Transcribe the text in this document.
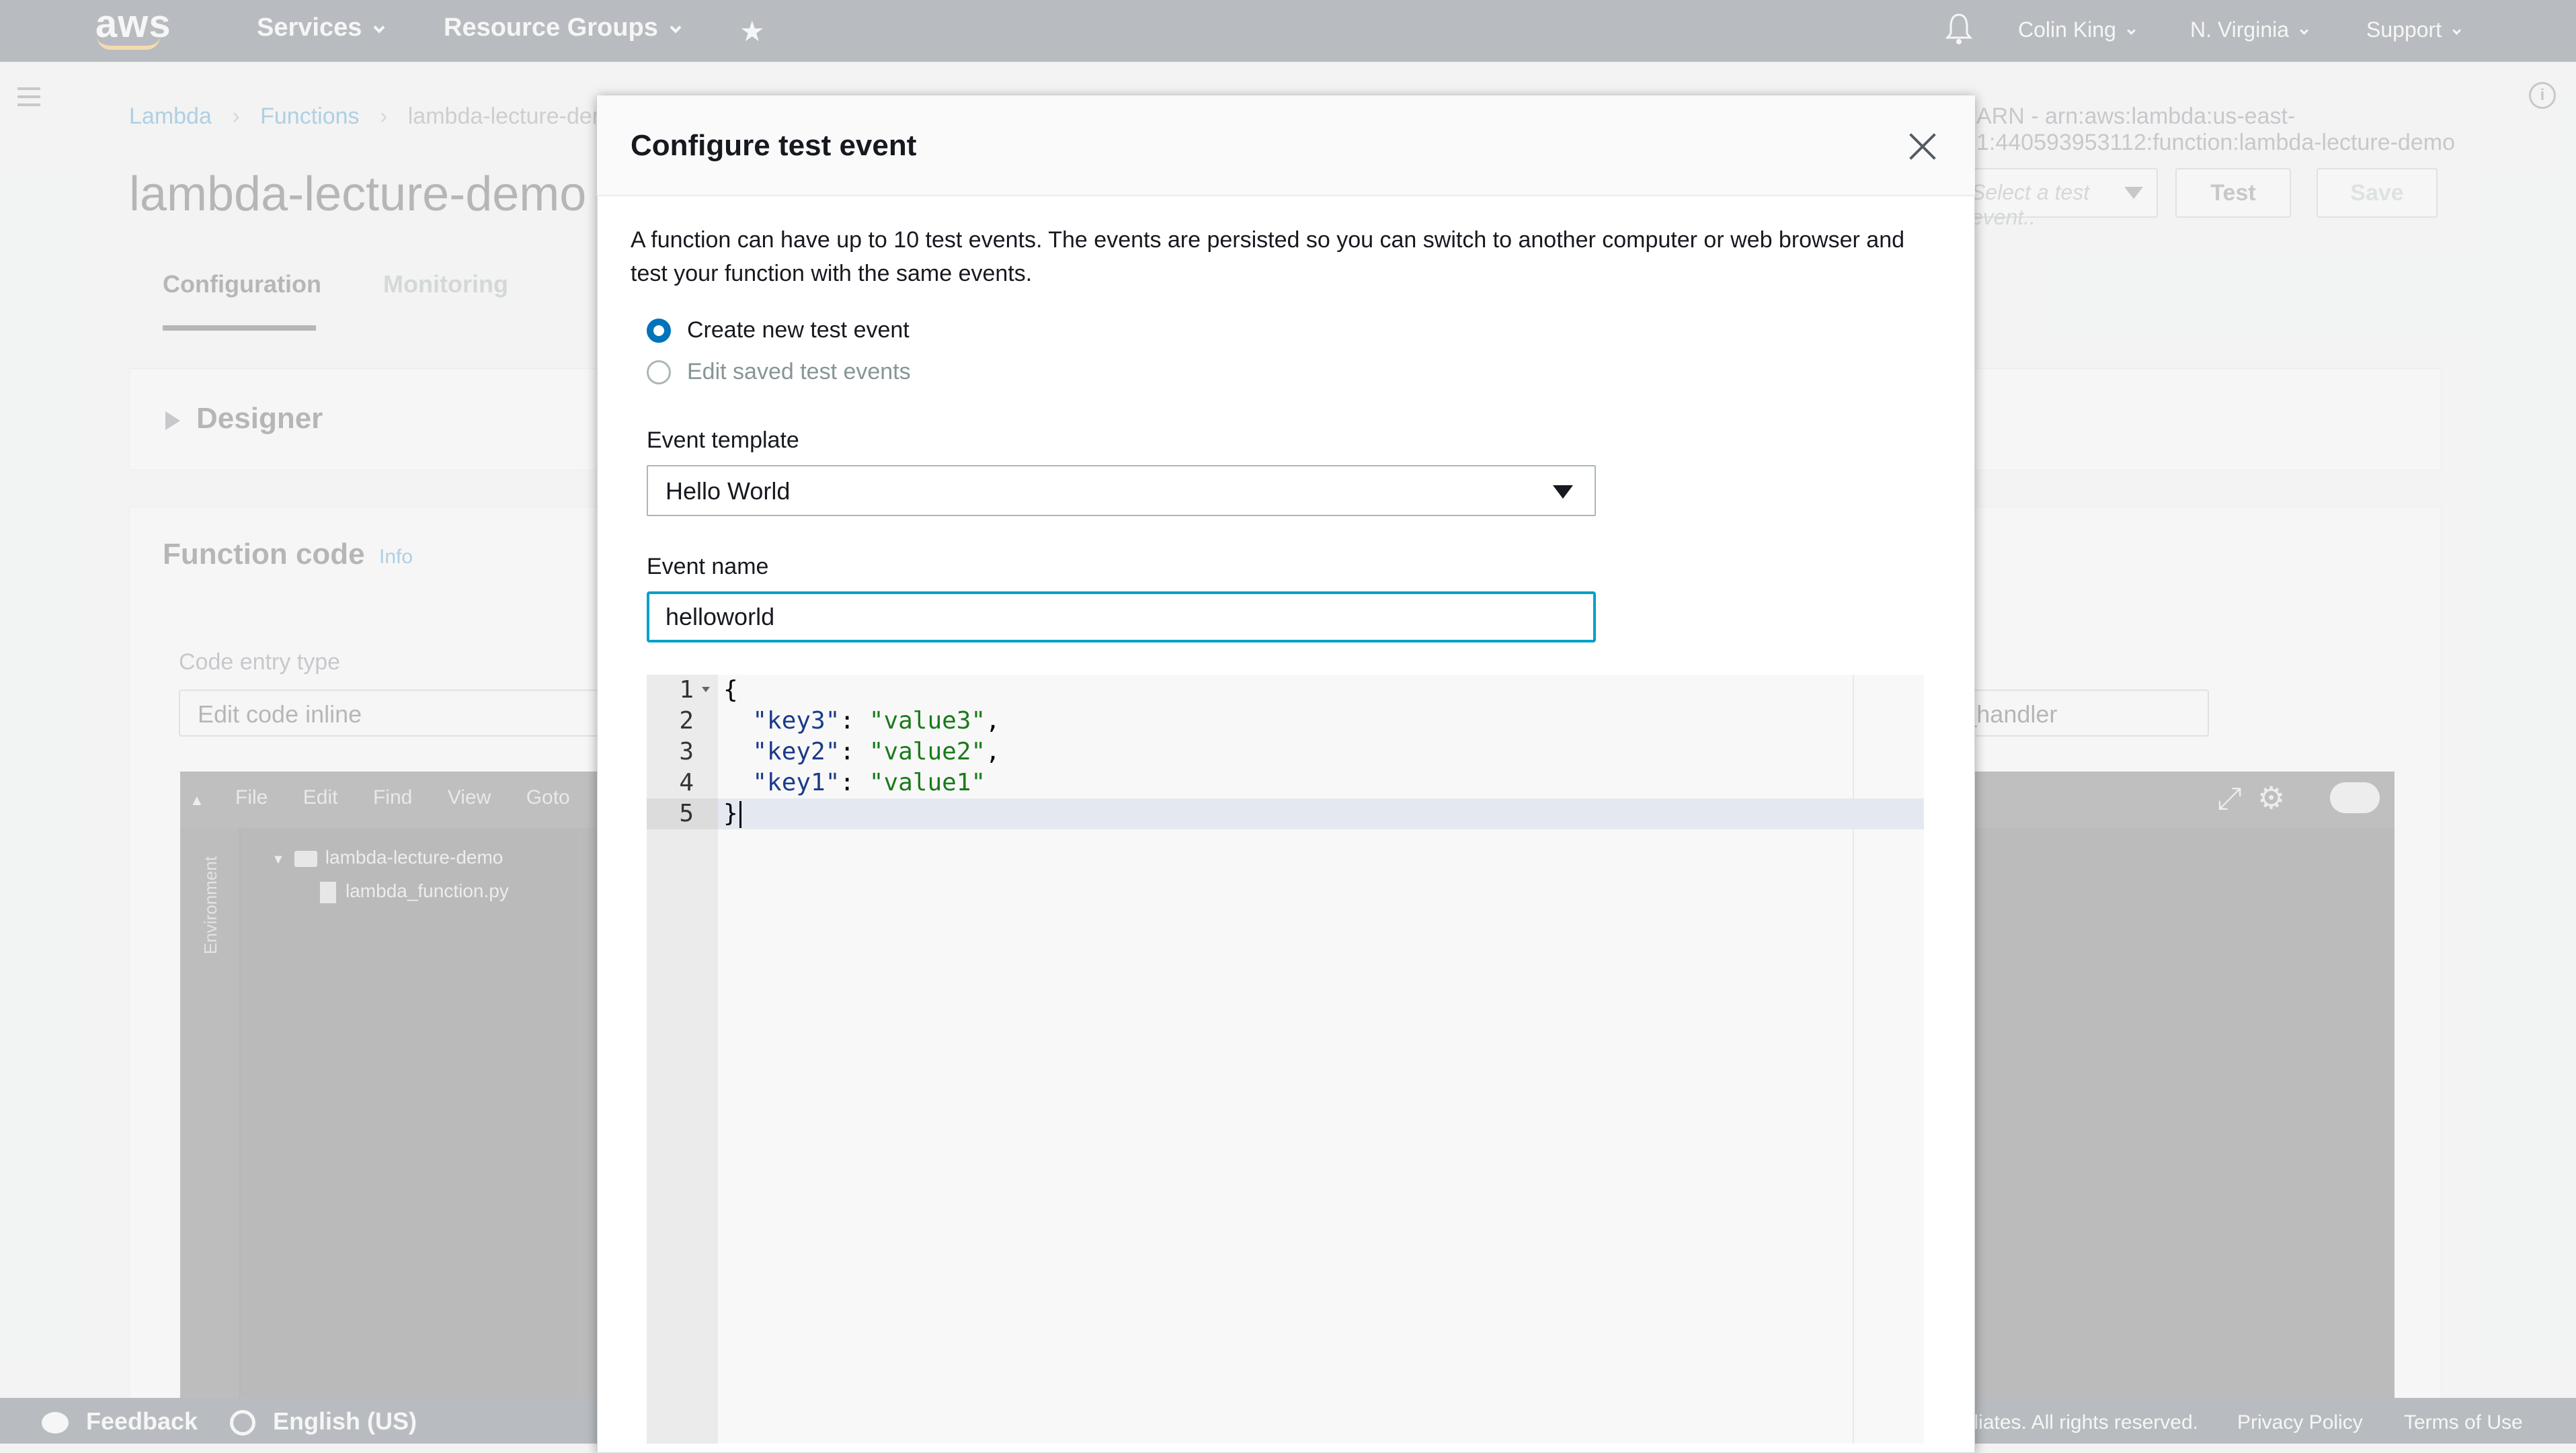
Configure test event
A function can have up to 10 test events. The events are persisted so you can switch to another computer or web browser and test your function with the same events.
Create new test event
Edit saved test events
Event template
Hello World
Event name
helloworld
1
2
3
4
5
{
"key3": "value3",
"key2": "value2",
"key1": "value1"
}
